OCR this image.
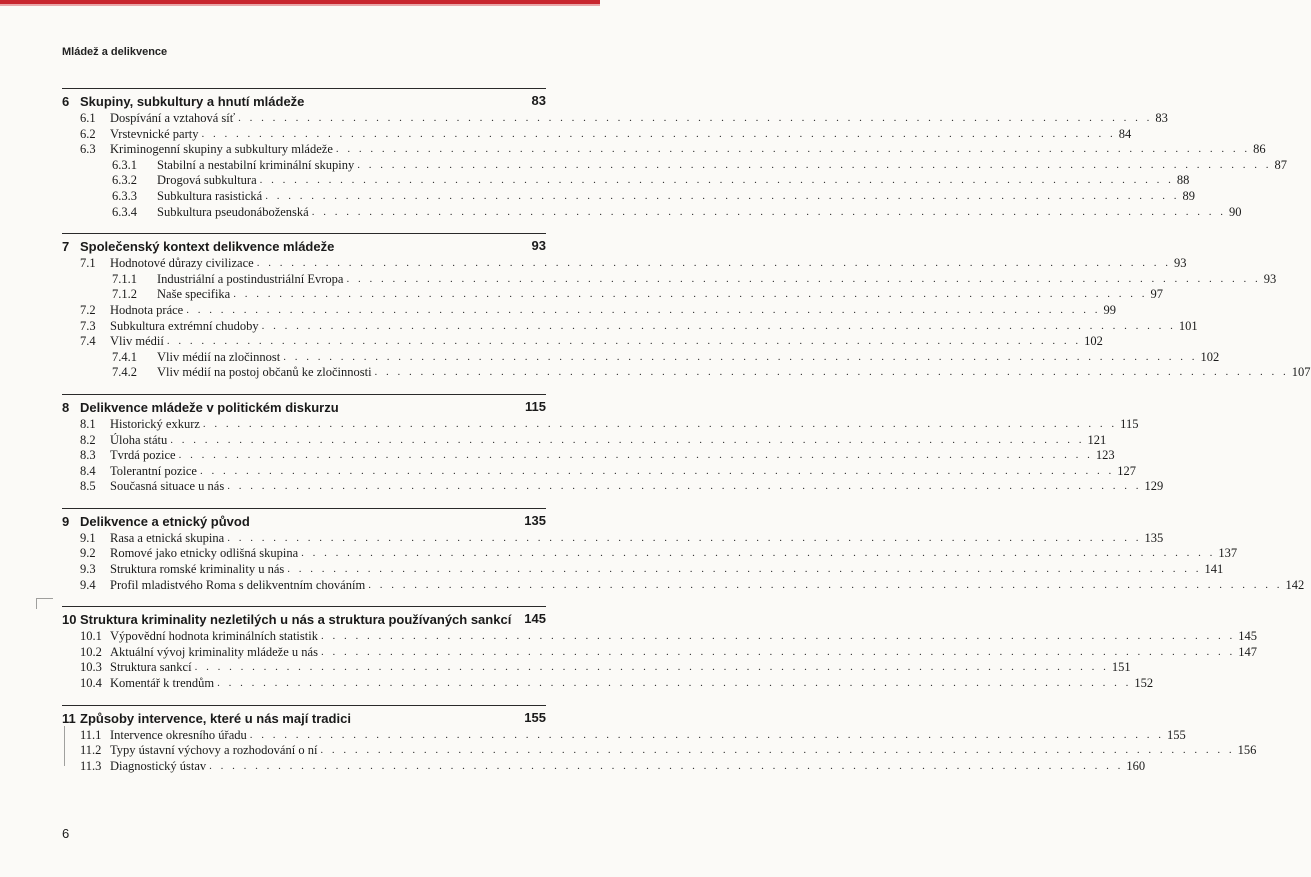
Mládež a delikvence
6 Skupiny, subkultury a hnutí mládeže	83
6.1 Dospívání a vztahová síť . . . . . . . . . . . . . . . . . . . . . . . . . . . . . . . . . . . . . . . . . . . . . . . . . . . . . . . . . . . . . . . . . . . . . . . . . . . . . . . . 83
6.2 Vrstevnické party . . . . . . . . . . . . . . . . . . . . . . . . . . . . . . . . . . . . . . . . . . . . . . . . . . . . . . . . . . . . . . . . . . . . . . . . . . . . . . . . 84
6.3 Kriminogenní skupiny a subkultury mládeže . . . . . . . . . . . . . . . . . . . . . . . . . . . . . . . . . . . . . . . . . . . . . . . . . . . . . . . . . . . . . . . . . . . . . . . . . . . . . . . . 86
6.3.1 Stabilní a nestabilní kriminální skupiny . . . . . . . . . . . . . . . . . . . . . . . . . . . . . . . . . . . . . . . . . . . . . . . . . . . . . . . . . . . . . . . . . . . . . . . . . . . . . . . . 87
6.3.2 Drogová subkultura . . . . . . . . . . . . . . . . . . . . . . . . . . . . . . . . . . . . . . . . . . . . . . . . . . . . . . . . . . . . . . . . . . . . . . . . . . . . . . . . 88
6.3.3 Subkultura rasistická . . . . . . . . . . . . . . . . . . . . . . . . . . . . . . . . . . . . . . . . . . . . . . . . . . . . . . . . . . . . . . . . . . . . . . . . . . . . . . . . 89
6.3.4 Subkultura pseudonáboženská . . . . . . . . . . . . . . . . . . . . . . . . . . . . . . . . . . . . . . . . . . . . . . . . . . . . . . . . . . . . . . . . . . . . . . . . . . . . . . . . 90
7 Společenský kontext delikvence mládeže	93
7.1 Hodnotové důrazy civilizace . . . . . . . . . . . . . . . . . . . . . . . . . . . . . . . . . . . . . . . . . . . . . . . . . . . . . . . . . . . . . . . . . . . . . . . . . . . . . . . . 93
7.1.1 Industriální a postindustriální Evropa . . . . . . . . . . . . . . . . . . . . . . . . . . . . . . . . . . . . . . . . . . . . . . . . . . . . . . . . . . . . . . . . . . . . . . . . . . . . . . . . 93
7.1.2 Naše specifika . . . . . . . . . . . . . . . . . . . . . . . . . . . . . . . . . . . . . . . . . . . . . . . . . . . . . . . . . . . . . . . . . . . . . . . . . . . . . . . . 97
7.2 Hodnota práce . . . . . . . . . . . . . . . . . . . . . . . . . . . . . . . . . . . . . . . . . . . . . . . . . . . . . . . . . . . . . . . . . . . . . . . . . . . . . . . . 99
7.3 Subkultura extrémní chudoby . . . . . . . . . . . . . . . . . . . . . . . . . . . . . . . . . . . . . . . . . . . . . . . . . . . . . . . . . . . . . . . . . . . . . . . . . . . . . . . . 101
7.4 Vliv médií . . . . . . . . . . . . . . . . . . . . . . . . . . . . . . . . . . . . . . . . . . . . . . . . . . . . . . . . . . . . . . . . . . . . . . . . . . . . . . . . 102
7.4.1 Vliv médií na zločinnost . . . . . . . . . . . . . . . . . . . . . . . . . . . . . . . . . . . . . . . . . . . . . . . . . . . . . . . . . . . . . . . . . . . . . . . . . . . . . . . . 102
7.4.2 Vliv médií na postoj občanů ke zločinnosti . . . . . . . . . . . . . . . . . . . . . . . . . . . . . . . . . . . . . . . . . . . . . . . . . . . . . . . . . . . . . . . . . . . . . . . . . . . . . . . . 107
8 Delikvence mládeže v politickém diskurzu	115
8.1 Historický exkurz . . . . . . . . . . . . . . . . . . . . . . . . . . . . . . . . . . . . . . . . . . . . . . . . . . . . . . . . . . . . . . . . . . . . . . . . . . . . . . . . 115
8.2 Úloha státu . . . . . . . . . . . . . . . . . . . . . . . . . . . . . . . . . . . . . . . . . . . . . . . . . . . . . . . . . . . . . . . . . . . . . . . . . . . . . . . . 121
8.3 Tvrdá pozice . . . . . . . . . . . . . . . . . . . . . . . . . . . . . . . . . . . . . . . . . . . . . . . . . . . . . . . . . . . . . . . . . . . . . . . . . . . . . . . . 123
8.4 Tolerantní pozice . . . . . . . . . . . . . . . . . . . . . . . . . . . . . . . . . . . . . . . . . . . . . . . . . . . . . . . . . . . . . . . . . . . . . . . . . . . . . . . . 127
8.5 Současná situace u nás . . . . . . . . . . . . . . . . . . . . . . . . . . . . . . . . . . . . . . . . . . . . . . . . . . . . . . . . . . . . . . . . . . . . . . . . . . . . . . . . 129
9 Delikvence a etnický původ	135
9.1 Rasa a etnická skupina . . . . . . . . . . . . . . . . . . . . . . . . . . . . . . . . . . . . . . . . . . . . . . . . . . . . . . . . . . . . . . . . . . . . . . . . . . . . . . . . 135
9.2 Romové jako etnicky odlišná skupina . . . . . . . . . . . . . . . . . . . . . . . . . . . . . . . . . . . . . . . . . . . . . . . . . . . . . . . . . . . . . . . . . . . . . . . . . . . . . . . . 137
9.3 Struktura romské kriminality u nás . . . . . . . . . . . . . . . . . . . . . . . . . . . . . . . . . . . . . . . . . . . . . . . . . . . . . . . . . . . . . . . . . . . . . . . . . . . . . . . . 141
9.4 Profil mladistvého Roma s delikventním chováním . . . . . . . . . . . . . . . . . . . . . . . . . . . . . . . . . . . . . . . . . . . . . . . . . . . . . . . . . . . . . . . . . . . . . . . . . . . . . . . . 142
10 Struktura kriminality nezletilých u nás a struktura používaných sankcí 145
10.1 Výpovědní hodnota kriminálních statistik . . . . . . . . . . . . . . . . . . . . . . . . . . . . . . . . . . . . . . . . . . . . . . . . . . . . . . . . . . . . . . . . . . . . . . . . . . . . . . . . 145
10.2 Aktuální vývoj kriminality mládeže u nás . . . . . . . . . . . . . . . . . . . . . . . . . . . . . . . . . . . . . . . . . . . . . . . . . . . . . . . . . . . . . . . . . . . . . . . . . . . . . . . . 147
10.3 Struktura sankcí . . . . . . . . . . . . . . . . . . . . . . . . . . . . . . . . . . . . . . . . . . . . . . . . . . . . . . . . . . . . . . . . . . . . . . . . . . . . . . . . 151
10.4 Komentář k trendům . . . . . . . . . . . . . . . . . . . . . . . . . . . . . . . . . . . . . . . . . . . . . . . . . . . . . . . . . . . . . . . . . . . . . . . . . . . . . . . . 152
11 Způsoby intervence, které u nás mají tradici	155
11.1 Intervence okresního úřadu . . . . . . . . . . . . . . . . . . . . . . . . . . . . . . . . . . . . . . . . . . . . . . . . . . . . . . . . . . . . . . . . . . . . . . . . . . . . . . . . 155
11.2 Typy ústavní výchovy a rozhodování o ní . . . . . . . . . . . . . . . . . . . . . . . . . . . . . . . . . . . . . . . . . . . . . . . . . . . . . . . . . . . . . . . . . . . . . . . . . . . . . . . . 156
11.3 Diagnostický ústav . . . . . . . . . . . . . . . . . . . . . . . . . . . . . . . . . . . . . . . . . . . . . . . . . . . . . . . . . . . . . . . . . . . . . . . . . . . . . . . . 160
6
